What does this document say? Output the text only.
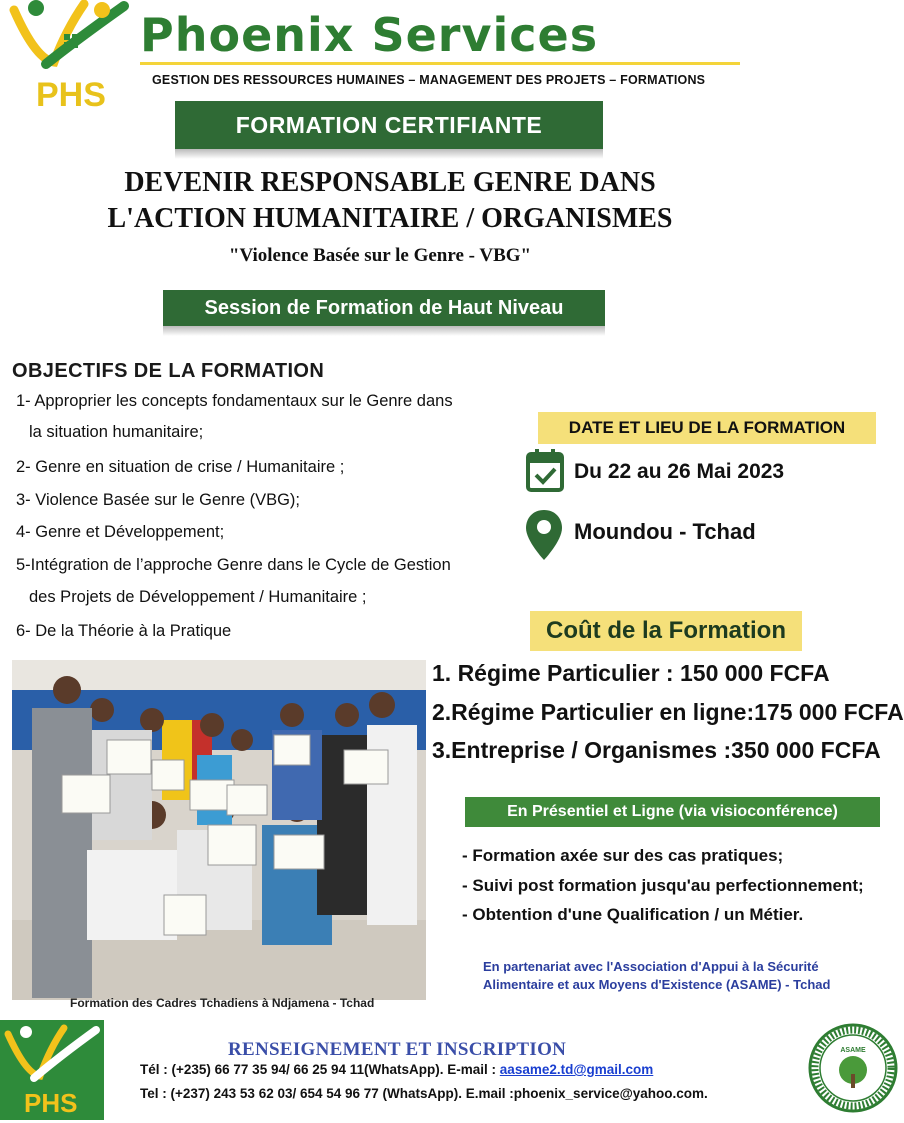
PHS
Phoenix Services
GESTION DES RESSOURCES HUMAINES – MANAGEMENT DES PROJETS – FORMATIONS
FORMATION CERTIFIANTE
DEVENIR RESPONSABLE GENRE DANS
L'ACTION HUMANITAIRE / ORGANISMES
"Violence Basée sur le Genre - VBG"
Session de Formation de Haut Niveau
OBJECTIFS DE LA FORMATION
1- Approprier les concepts fondamentaux sur le Genre dans
la situation humanitaire;
2- Genre en situation de crise / Humanitaire ;
3- Violence Basée sur le Genre (VBG);
4- Genre et Développement;
5-Intégration de l’approche Genre dans le Cycle de Gestion
des Projets de Développement / Humanitaire ;
6- De la Théorie à la Pratique
DATE ET LIEU DE LA FORMATION
Du 22 au 26 Mai 2023
Moundou - Tchad
Coût de la Formation
1. Régime Particulier : 150 000 FCFA
2.Régime Particulier en ligne:175 000 FCFA
3.Entreprise / Organismes :350 000 FCFA
Formation des Cadres Tchadiens à Ndjamena - Tchad
En Présentiel et Ligne (via visioconférence)
- Formation axée sur des cas pratiques;
- Suivi post formation jusqu'au perfectionnement;
- Obtention d'une Qualification / un Métier.
En partenariat avec l'Association d'Appui à la Sécurité
Alimentaire et aux Moyens d'Existence (ASAME) - Tchad
PHS
RENSEIGNEMENT ET INSCRIPTION
Tél : (+235) 66 77 35 94/ 66 25 94 11(WhatsApp). E-mail : aasame2.td@gmail.com
Tel : (+237) 243 53 62 03/ 654 54 96 77 (WhatsApp). E.mail :phoenix_service@yahoo.com.
ASAME
